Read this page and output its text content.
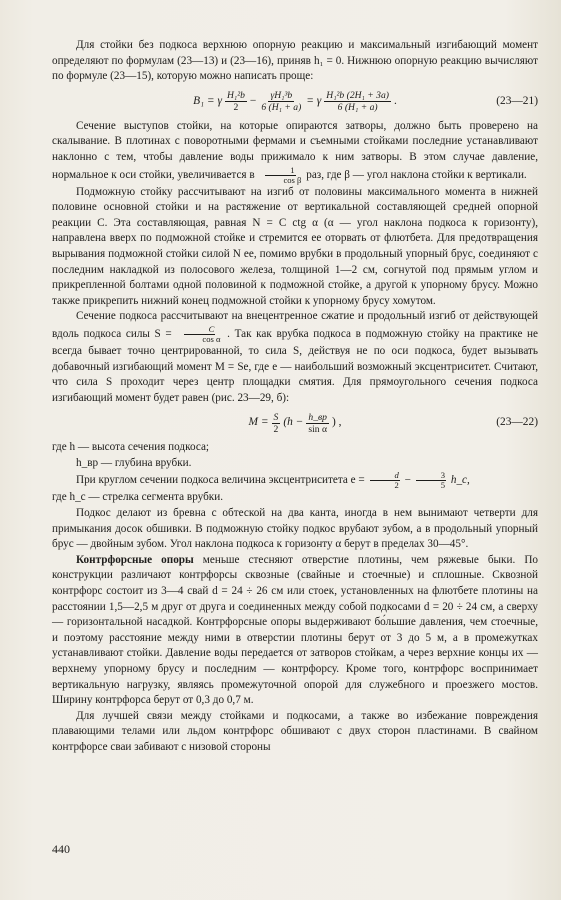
Для стойки без подкоса верхнюю опорную реакцию и максимальный изгибающий момент определяют по формулам (23—13) и (23—16), приняв h₁ = 0. Нижнюю опорную реакцию вычисляют по формуле (23—15), которую можно написать проще:

B₁ = γ $\frac{\text{H₁²b}}{2} - \frac{\text{γH₁³b}}{\text{6 (H₁ + a)}} = \gamma \frac{\text{H₁²b (2H₁ + 3a)}}{\text{6 (H₁ + a)}}$ .	(23—21)

Сечение выступов стойки, на которые опираются затворы, должно быть проверено на скалывание. В плотинах с поворотными фермами и съемными стойками последние устанавливают наклонно с тем, чтобы давление воды прижимало к ним затворы. В этом случае давление, нормальное к оси стойки, увеличивается в $\frac{1}{\text{cos β}}$ раз, где β — угол наклона стойки к вертикали.

Подможную стойку рассчитывают на изгиб от половины максимального момента в нижней половине основной стойки и на растяжение от вертикальной составляющей средней опорной реакции C. Эта составляющая, равная N = C ctg α (α — угол наклона подкоса к горизонту), направлена вверх по подможной стойке и стремится ее оторвать от флютбета. Для предотвращения вырывания подможной стойки силой N ее, помимо врубки в продольный упорный брус, соединяют с последним накладкой из полосового железа, толщиной 1—2 см, согнутой под прямым углом и прикрепленной болтами одной половиной к подможной стойке, а другой к упорному брусу. Можно также прикрепить нижний конец подможной стойки к упорному брусу хомутом.

Сечение подкоса рассчитывают на внецентренное сжатие и продольный изгиб от действующей вдоль подкоса силы $S = \frac{C}{\text{cos α}}$ . Так как врубка подкоса в подможную стойку на практике не всегда бывает точно центрированной, то сила S, действуя не по оси подкоса, будет вызывать добавочный изгибающий момент M = Se, где e — наибольший возможный эксцентриситет. Считают, что сила S проходит через центр площадки смятия. Для прямоугольного сечения подкоса изгибающий момент будет равен (рис. 23—29, б):

$M = \frac{S}{2} (h - \frac{h\_вр}{\text{sin α}}$ ) ,	(23—22)

где h — высота сечения подкоса;

h_вр — глубина врубки.

При круглом сечении подкоса величина эксцентриситета $e = \frac{d}{2} - \frac{3}{5}$ h_c,

где h_c — стрелка сегмента врубки.

Подкос делают из бревна с обтеской на два канта, иногда в нем вынимают четверти для примыкания досок обшивки. В подможную стойку подкос врубают зубом, а в продольный упорный брус — двойным зубом. Угол наклона подкоса к горизонту α берут в пределах 30—45°.

Контрфорсные опоры меньше стесняют отверстие плотины, чем ряжевые быки. По конструкции различают контрфорсы сквозные (свайные и стоечные) и сплошные. Сквозной контрфорс состоит из 3—4 свай d = 24 ÷ 26 см или стоек, установленных на флютбете плотины на расстоянии 1,5—2,5 м друг от друга и соединенных между собой подкосами d = 20 ÷ 24 см, а сверху — горизонтальной насадкой. Контрфорсные опоры выдерживают бо́льшие давления, чем стоечные, и поэтому расстояние между ними в отверстии плотины берут от 3 до 5 м, а в промежутках устанавливают стойки. Давление воды передается от затворов стойкам, а через верхние концы их — верхнему упорному брусу и последним — контрфорсу. Кроме того, контрфорс воспринимает вертикальную нагрузку, являясь промежуточной опорой для служебного и проезжего мостов. Ширину контрфорса берут от 0,3 до 0,7 м.

Для лучшей связи между стойками и подкосами, а также во избежание повреждения плавающими телами или льдом контрфорс обшивают с двух сторон пластинами. В свайном контрфорсе сваи забивают с низовой стороны

440
